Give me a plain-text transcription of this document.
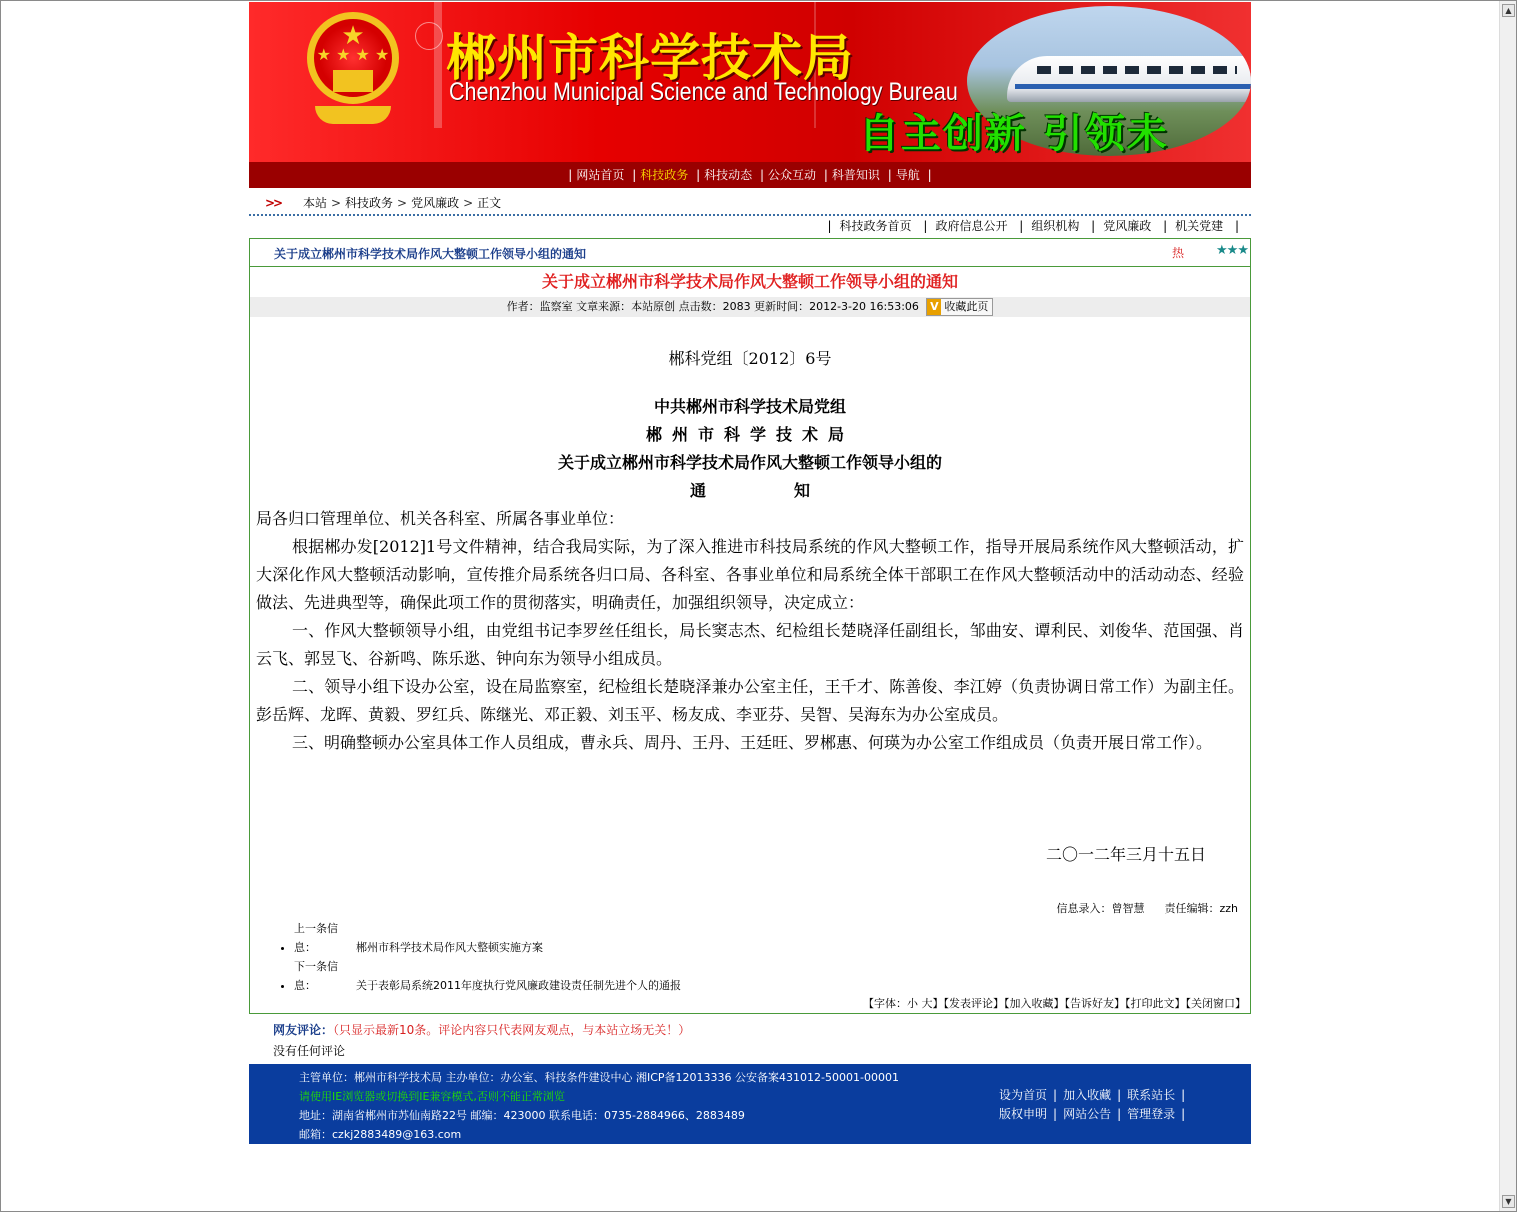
▲
▼
★
★ ★ ★ ★	郴州市科学技术局
Chenzhou Municipal Science and Technology Bureau
自主创新 引领未
| 网站首页 | 科技政务 | 科技动态 | 公众互动 | 科普知识 | 导航 |
>> 本站 > 科技政务 > 党风廉政 > 正文
| 科技政务首页 | 政府信息公开 | 组织机构 | 党风廉政 | 机关党建 |
关于成立郴州市科学技术局作风大整顿工作领导小组的通知	热 ★★★
关于成立郴州市科学技术局作风大整顿工作领导小组的通知
作者：监察室 文章来源：本站原创 点击数：2083 更新时间：2012-3-20 16:53:06 V 收藏此页
郴科党组〔2012〕6号
中共郴州市科学技术局党组
郴州市科学技术局
关于成立郴州市科学技术局作风大整顿工作领导小组的
通	知
局各归口管理单位、机关各科室、所属各事业单位：
根据郴办发[2012]1号文件精神，结合我局实际，为了深入推进市科技局系统的作风大整顿工作，指导开展局系统作风大整顿活动，扩大深化作风大整顿活动影响，宣传推介局系统各归口局、各科室、各事业单位和局系统全体干部职工在作风大整顿活动中的活动动态、经验做法、先进典型等，确保此项工作的贯彻落实，明确责任，加强组织领导，决定成立：
一、作风大整顿领导小组，由党组书记李罗丝任组长，局长窦志杰、纪检组长楚晓泽任副组长，邹曲安、谭利民、刘俊华、范国强、肖云飞、郭昱飞、谷新鸣、陈乐逖、钟向东为领导小组成员。
二、领导小组下设办公室，设在局监察室，纪检组长楚晓泽兼办公室主任，王千才、陈善俊、李江婷（负责协调日常工作）为副主任。彭岳辉、龙晖、黄毅、罗红兵、陈继光、邓正毅、刘玉平、杨友成、李亚芬、吴智、吴海东为办公室成员。
三、明确整顿办公室具体工作人员组成，曹永兵、周丹、王丹、王廷旺、罗郴惠、何瑛为办公室工作组成员（负责开展日常工作）。
二〇一二年三月十五日
信息录入：曾智慧 责任编辑：zzh
• 上一条信息：	郴州市科学技术局作风大整顿实施方案
• 下一条信息：	关于表彰局系统2011年度执行党风廉政建设责任制先进个人的通报
【字体：小 大】【发表评论】【加入收藏】【告诉好友】【打印此文】【关闭窗口】
网友评论：（只显示最新10条。评论内容只代表网友观点，与本站立场无关！）
没有任何评论
主管单位：郴州市科学技术局 主办单位：办公室、科技条件建设中心 湘ICP备12013336 公安备案431012-50001-00001
请使用IE浏览器或切换到IE兼容模式,否则不能正常浏览
地址：湖南省郴州市苏仙南路22号 邮编：423000 联系电话：0735-2884966、2883489
邮箱：czkj2883489@163.com
设为首页 | 加入收藏 | 联系站长 |
版权申明 | 网站公告 | 管理登录 |
